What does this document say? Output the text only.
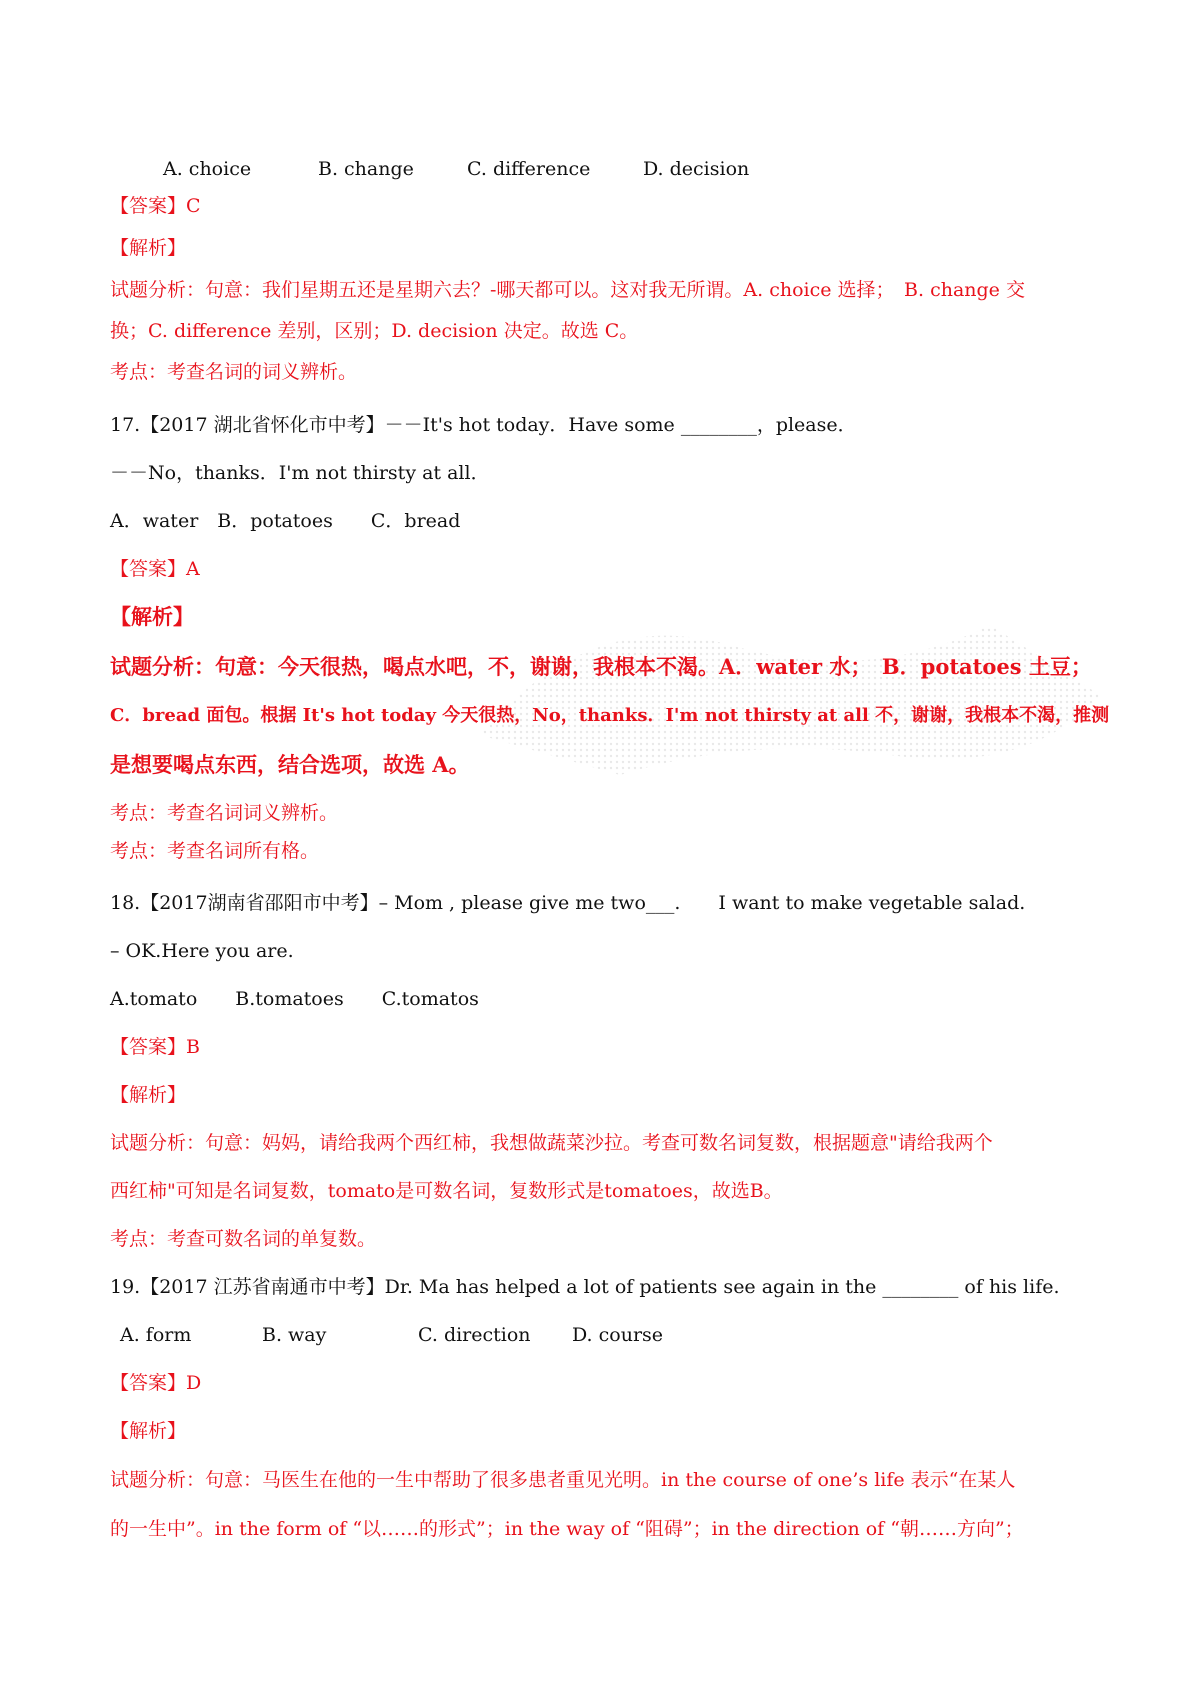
A. choice	B. change	C. difference	D. decision
【答案】C
【解析】
试题分析：句意：我们星期五还是星期六去？-哪天都可以。这对我无所谓。A. choice 选择；　B. change 交
换；C. difference 差别，区别；D. decision 决定。故选 C。
考点：考查名词的词义辨析。
17.【2017 湖北省怀化市中考】－－It's hot today．Have some ________，please．
－－No，thanks．I'm not thirsty at all．
A．water　B．potatoes　　C．bread
【答案】A
【解析】
试题分析：句意：今天很热，喝点水吧，不，谢谢，我根本不渴。A．water 水；　B．potatoes 土豆；
C．bread 面包。根据 It's hot today 今天很热，No，thanks．I'm not thirsty at all 不，谢谢，我根本不渴，推测
是想要喝点东西，结合选项，故选 A。
考点：考查名词词义辨析。
考点：考查名词所有格。
18.【2017湖南省邵阳市中考】– Mom , please give me two___.　　I want to make vegetable salad.
– OK.Here you are.
A.tomato　　B.tomatoes　　C.tomatos
【答案】B
【解析】
试题分析：句意：妈妈，请给我两个西红柿，我想做蔬菜沙拉。考查可数名词复数，根据题意"请给我两个
西红柿"可知是名词复数，tomato是可数名词，复数形式是tomatoes，故选B。
考点：考查可数名词的单复数。
19.【2017 江苏省南通市中考】Dr. Ma has helped a lot of patients see again in the ________ of his life.
A. form	B. way	C. direction D. course
【答案】D
【解析】
试题分析：句意：马医生在他的一生中帮助了很多患者重见光明。in the course of one’s life 表示“在某人
的一生中”。in the form of “以……的形式”；in the way of “阻碍”；in the direction of “朝……方向”；
